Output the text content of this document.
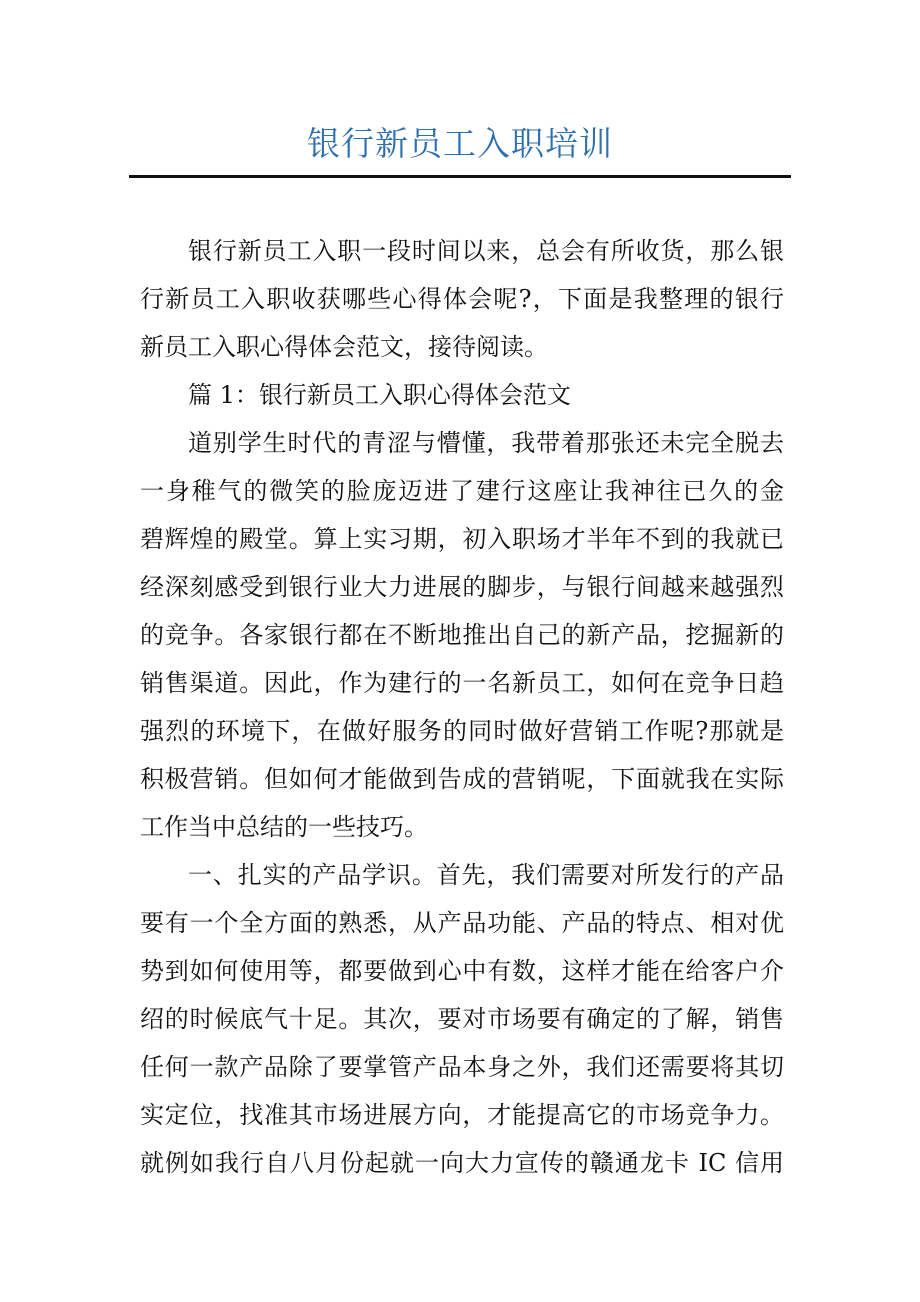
银行新员工入职培训
银行新员工入职一段时间以来，总会有所收货，那么银
行新员工入职收获哪些心得体会呢?，下面是我整理的银行
新员工入职心得体会范文，接待阅读。
篇 1：银行新员工入职心得体会范文
道别学生时代的青涩与懵懂，我带着那张还未完全脱去
一身稚气的微笑的脸庞迈进了建行这座让我神往已久的金
碧辉煌的殿堂。算上实习期，初入职场才半年不到的我就已
经深刻感受到银行业大力进展的脚步，与银行间越来越强烈
的竞争。各家银行都在不断地推出自己的新产品，挖掘新的
销售渠道。因此，作为建行的一名新员工，如何在竞争日趋
强烈的环境下，在做好服务的同时做好营销工作呢?那就是
积极营销。但如何才能做到告成的营销呢，下面就我在实际
工作当中总结的一些技巧。
一、扎实的产品学识。首先，我们需要对所发行的产品
要有一个全方面的熟悉，从产品功能、产品的特点、相对优
势到如何使用等，都要做到心中有数，这样才能在给客户介
绍的时候底气十足。其次，要对市场要有确定的了解，销售
任何一款产品除了要掌管产品本身之外，我们还需要将其切
实定位，找准其市场进展方向，才能提高它的市场竞争力。
就例如我行自八月份起就一向大力宣传的赣通龙卡 IC 信用
